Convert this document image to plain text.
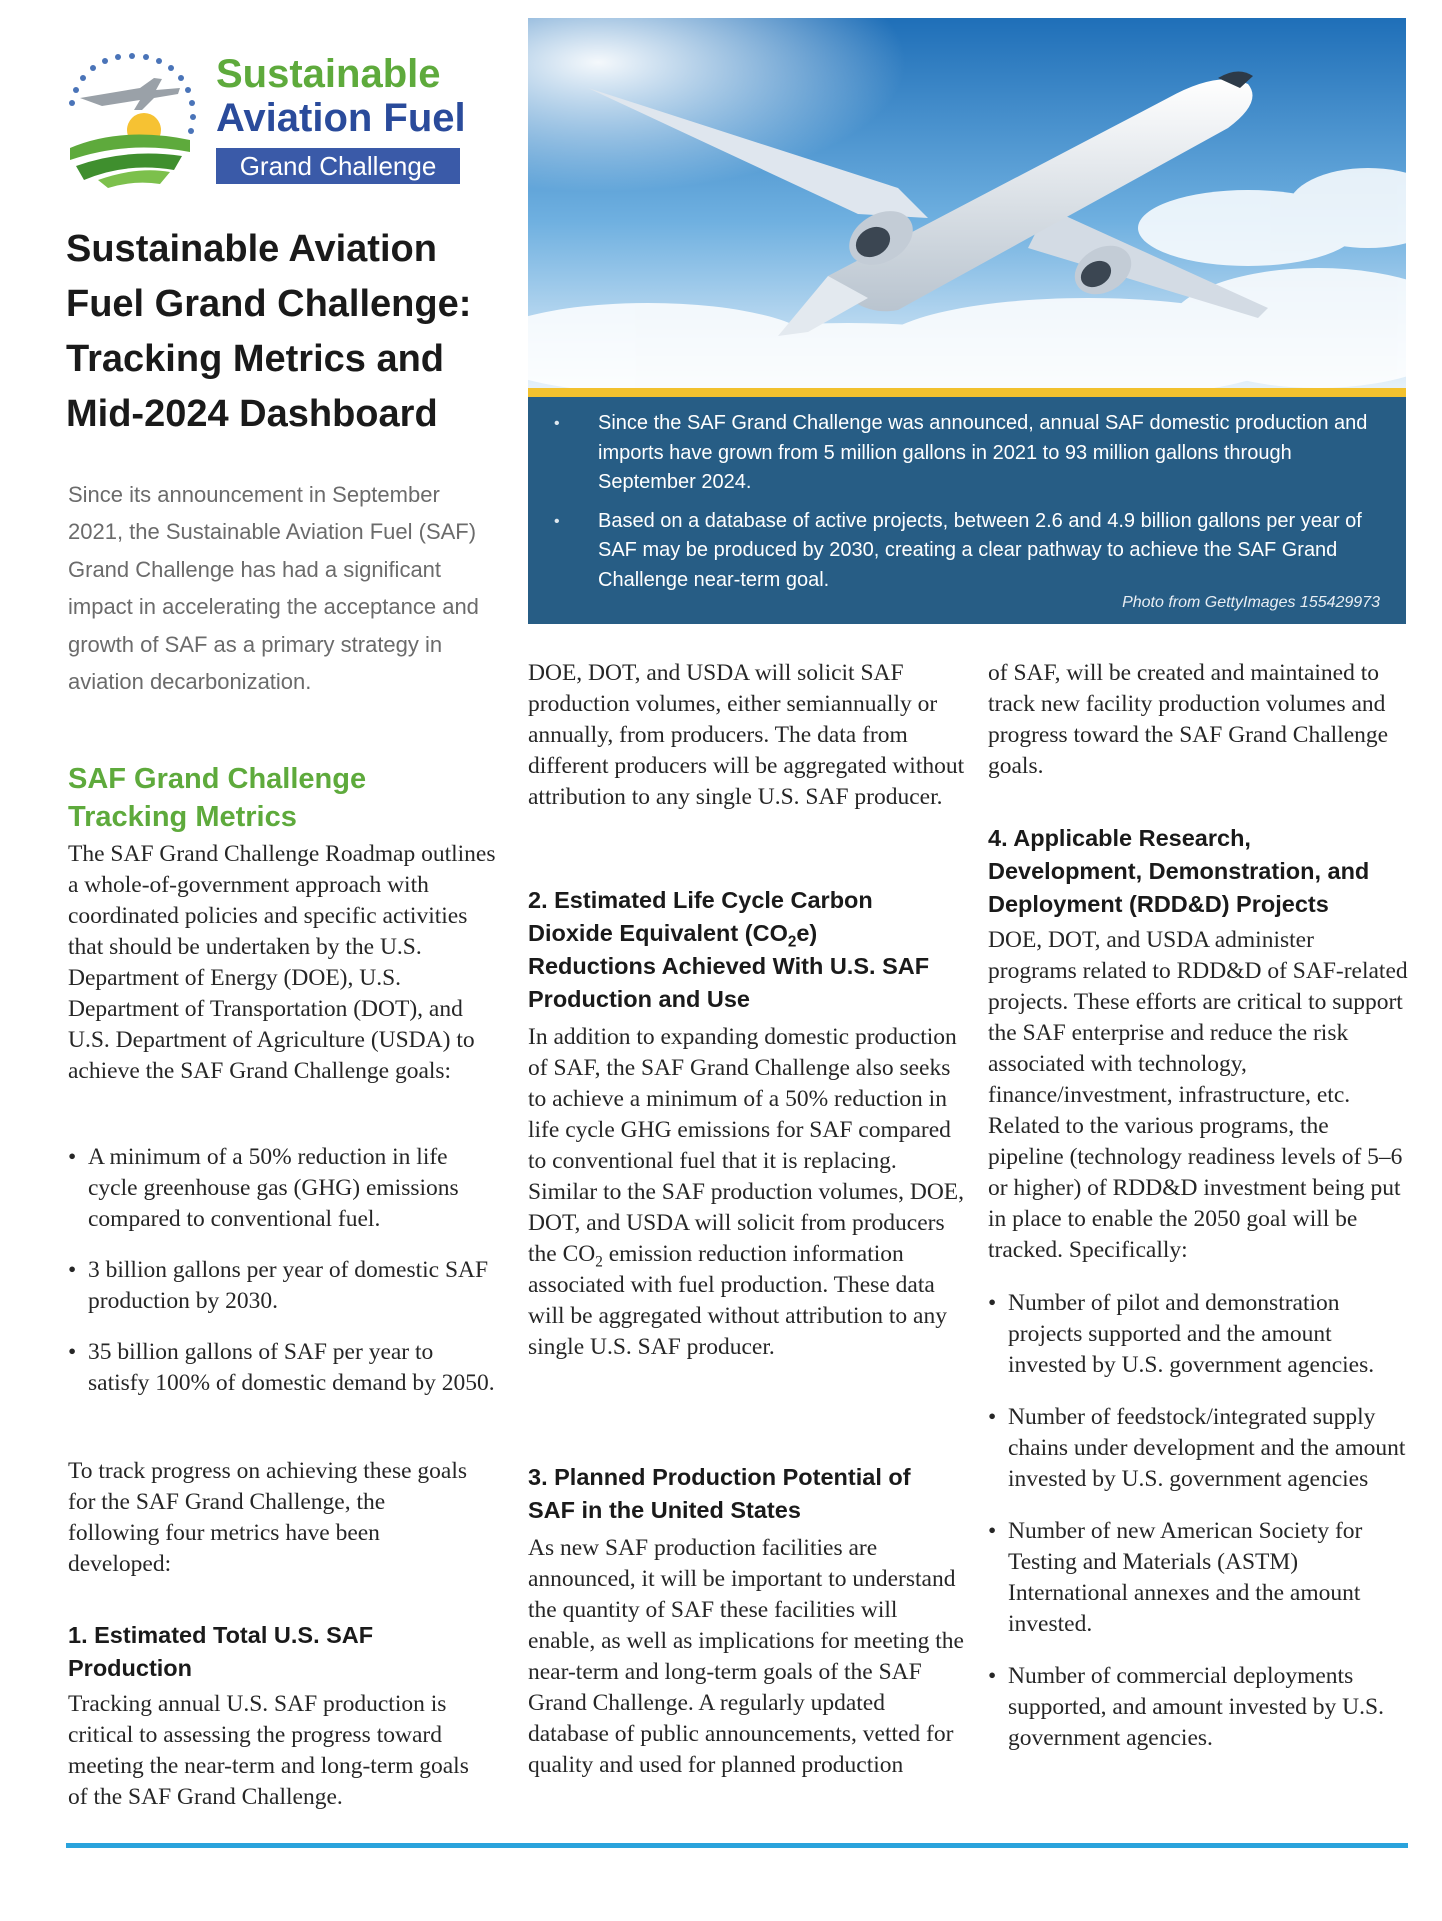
Sustainable
Aviation Fuel
Grand Challenge
Sustainable Aviation Fuel Grand Challenge: Tracking Metrics and Mid-2024 Dashboard

Since its announcement in September 2021, the Sustainable Aviation Fuel (SAF) Grand Challenge has had a significant impact in accelerating the acceptance and growth of SAF as a primary strategy in aviation decarbonization.

SAF Grand Challenge Tracking Metrics

The SAF Grand Challenge Roadmap outlines a whole-of-government approach with coordinated policies and specific activities that should be undertaken by the U.S. Department of Energy (DOE), U.S. Department of Transportation (DOT), and U.S. Department of Agriculture (USDA) to achieve the SAF Grand Challenge goals:

• A minimum of a 50% reduction in life cycle greenhouse gas (GHG) emissions compared to conventional fuel.
• 3 billion gallons per year of domestic SAF production by 2030.
• 35 billion gallons of SAF per year to satisfy 100% of domestic demand by 2050.

To track progress on achieving these goals for the SAF Grand Challenge, the following four metrics have been developed:

1. Estimated Total U.S. SAF Production

Tracking annual U.S. SAF production is critical to assessing the progress toward meeting the near-term and long-term goals of the SAF Grand Challenge.

• Since the SAF Grand Challenge was announced, annual SAF domestic production and imports have grown from 5 million gallons in 2021 to 93 million gallons through September 2024.
• Based on a database of active projects, between 2.6 and 4.9 billion gallons per year of SAF may be produced by 2030, creating a clear pathway to achieve the SAF Grand Challenge near-term goal.
Photo from GettyImages 155429973

DOE, DOT, and USDA will solicit SAF production volumes, either semiannually or annually, from producers. The data from different producers will be aggregated without attribution to any single U.S. SAF producer.

2. Estimated Life Cycle Carbon Dioxide Equivalent $(CO_2e)$ Reductions Achieved With U.S. SAF Production and Use

In addition to expanding domestic production of SAF, the SAF Grand Challenge also seeks to achieve a minimum of a 50% reduction in life cycle GHG emissions for SAF compared to conventional fuel that it is replacing. Similar to the SAF production volumes, DOE, DOT, and USDA will solicit from producers the $CO_2$ emission reduction information associated with fuel production. These data will be aggregated without attribution to any single U.S. SAF producer.

3. Planned Production Potential of SAF in the United States

As new SAF production facilities are announced, it will be important to understand the quantity of SAF these facilities will enable, as well as implications for meeting the near-term and long-term goals of the SAF Grand Challenge. A regularly updated database of public announcements, vetted for quality and used for planned production

of SAF, will be created and maintained to track new facility production volumes and progress toward the SAF Grand Challenge goals.

4. Applicable Research, Development, Demonstration, and Deployment (RDD&D) Projects

DOE, DOT, and USDA administer programs related to RDD&D of SAF-related projects. These efforts are critical to support the SAF enterprise and reduce the risk associated with technology, finance/investment, infrastructure, etc. Related to the various programs, the pipeline (technology readiness levels of 5–6 or higher) of RDD&D investment being put in place to enable the 2050 goal will be tracked. Specifically:

• Number of pilot and demonstration projects supported and the amount invested by U.S. government agencies.
• Number of feedstock/integrated supply chains under development and the amount invested by U.S. government agencies
• Number of new American Society for Testing and Materials (ASTM) International annexes and the amount invested.
• Number of commercial deployments supported, and amount invested by U.S. government agencies.
